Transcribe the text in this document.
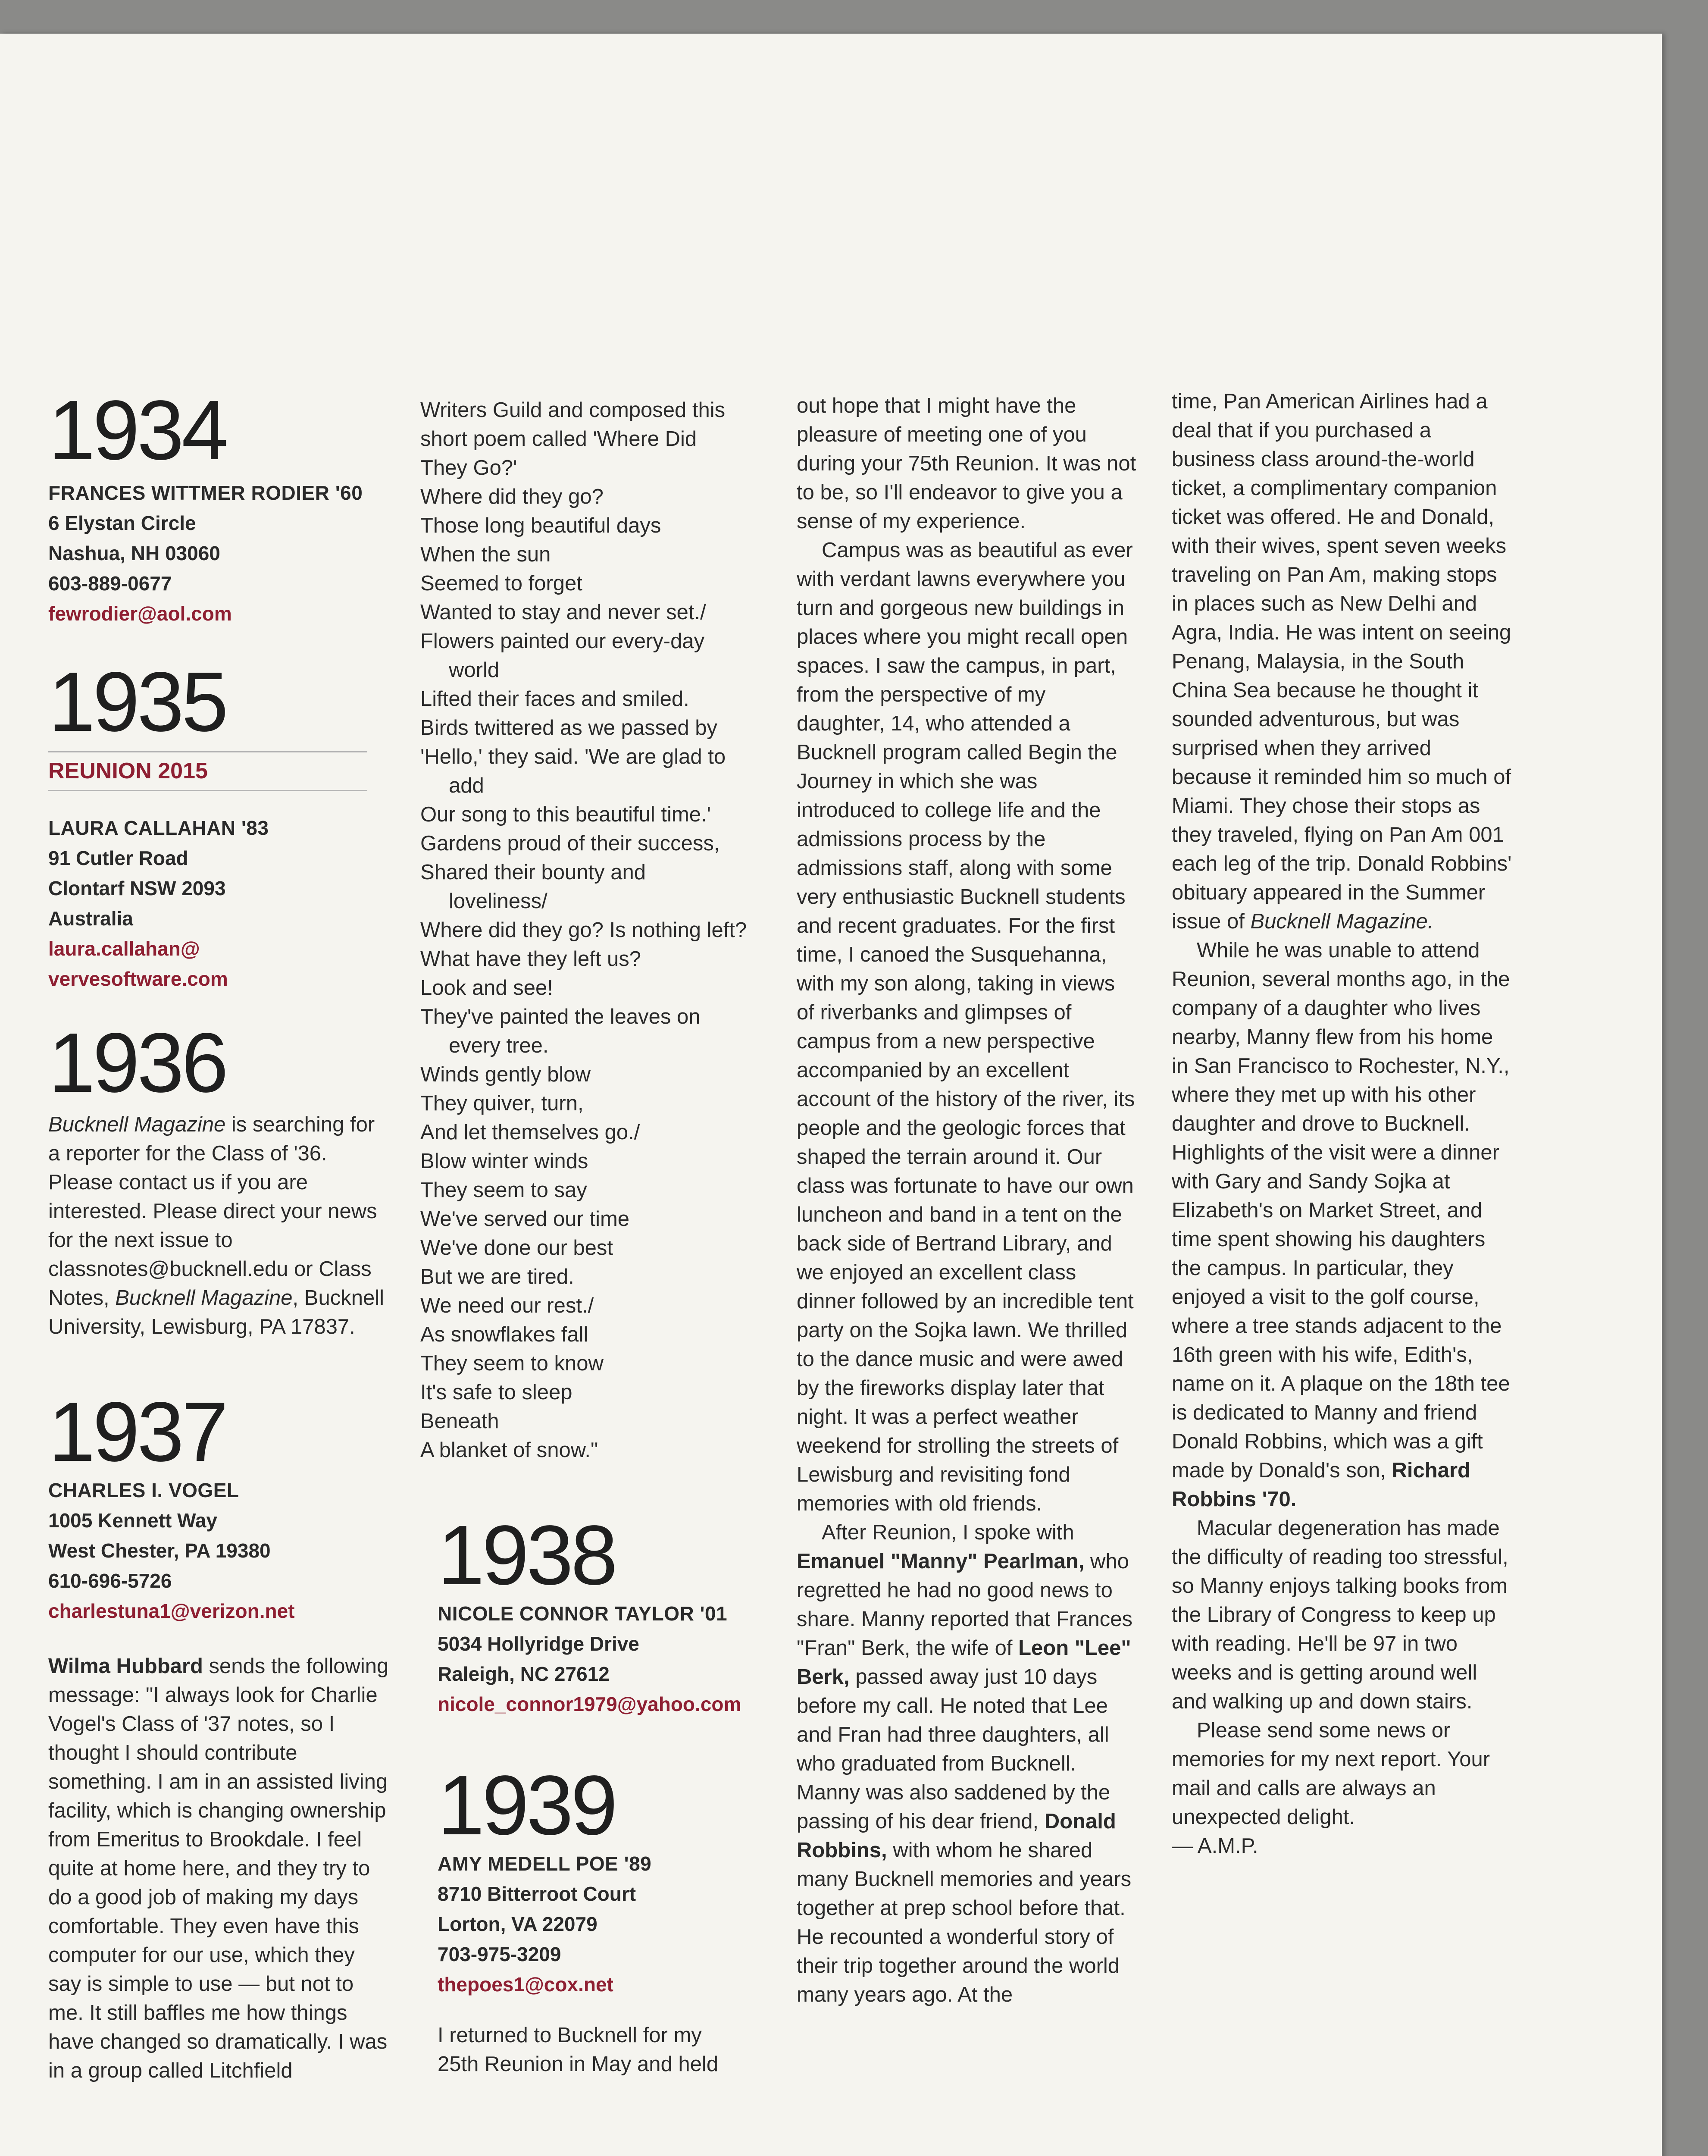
1934

FRANCES WITTMER RODIER '60
6 Elystan Circle
Nashua, NH 03060
603-889-0677
fewrodier@aol.com

1935

REUNION 2015
LAURA CALLAHAN '83
91 Cutler Road
Clontarf NSW 2093
Australia
laura.callahan@
vervesoftware.com

1936

Bucknell Magazine is searching for a reporter for the Class of '36. Please contact us if you are interested. Please direct your news for the next issue to classnotes@bucknell.edu or Class Notes, Bucknell Magazine, Bucknell University, Lewisburg, PA 17837.

1937

CHARLES I. VOGEL
1005 Kennett Way
West Chester, PA 19380
610-696-5726
charlestuna1@verizon.net

Wilma Hubbard sends the following message: "I always look for Charlie Vogel's Class of '37 notes, so I thought I should contribute something. I am in an assisted living facility, which is changing ownership from Emeritus to Brookdale. I feel quite at home here, and they try to do a good job of making my days comfortable. They even have this computer for our use, which they say is simple to use — but not to me. It still baffles me how things have changed so dramatically. I was in a group called Litchfield

Writers Guild and composed this short poem called 'Where Did They Go?'

Where did they go?

Those long beautiful days

When the sun

Seemed to forget

Wanted to stay and never set./

Flowers painted our every-day world

Lifted their faces and smiled.

Birds twittered as we passed by

'Hello,' they said. 'We are glad to add

Our song to this beautiful time.'

Gardens proud of their success,

Shared their bounty and loveliness/

Where did they go? Is nothing left?

What have they left us?

Look and see!

They've painted the leaves on every tree.

Winds gently blow

They quiver, turn,

And let themselves go./

Blow winter winds

They seem to say

We've served our time

We've done our best

But we are tired.

We need our rest./

As snowflakes fall

They seem to know

It's safe to sleep

Beneath

A blanket of snow."

1938

NICOLE CONNOR TAYLOR '01
5034 Hollyridge Drive
Raleigh, NC 27612
nicole_connor1979@yahoo.com

1939

AMY MEDELL POE '89
8710 Bitterroot Court
Lorton, VA 22079
703-975-3209
thepoes1@cox.net

I returned to Bucknell for my 25th Reunion in May and held

out hope that I might have the pleasure of meeting one of you during your 75th Reunion. It was not to be, so I'll endeavor to give you a sense of my experience.

Campus was as beautiful as ever with verdant lawns everywhere you turn and gorgeous new buildings in places where you might recall open spaces. I saw the campus, in part, from the perspective of my daughter, 14, who attended a Bucknell program called Begin the Journey in which she was introduced to college life and the admissions process by the admissions staff, along with some very enthusiastic Bucknell students and recent graduates. For the first time, I canoed the Susquehanna, with my son along, taking in views of riverbanks and glimpses of campus from a new perspective accompanied by an excellent account of the history of the river, its people and the geologic forces that shaped the terrain around it. Our class was fortunate to have our own luncheon and band in a tent on the back side of Bertrand Library, and we enjoyed an excellent class dinner followed by an incredible tent party on the Sojka lawn. We thrilled to the dance music and were awed by the fireworks display later that night. It was a perfect weather weekend for strolling the streets of Lewisburg and revisiting fond memories with old friends.

After Reunion, I spoke with Emanuel "Manny" Pearlman, who regretted he had no good news to share. Manny reported that Frances "Fran" Berk, the wife of Leon "Lee" Berk, passed away just 10 days before my call. He noted that Lee and Fran had three daughters, all who graduated from Bucknell. Manny was also saddened by the passing of his dear friend, Donald Robbins, with whom he shared many Bucknell memories and years together at prep school before that. He recounted a wonderful story of their trip together around the world many years ago. At the

time, Pan American Airlines had a deal that if you purchased a business class around-the-world ticket, a complimentary companion ticket was offered. He and Donald, with their wives, spent seven weeks traveling on Pan Am, making stops in places such as New Delhi and Agra, India. He was intent on seeing Penang, Malaysia, in the South China Sea because he thought it sounded adventurous, but was surprised when they arrived because it reminded him so much of Miami. They chose their stops as they traveled, flying on Pan Am 001 each leg of the trip. Donald Robbins' obituary appeared in the Summer issue of Bucknell Magazine.

While he was unable to attend Reunion, several months ago, in the company of a daughter who lives nearby, Manny flew from his home in San Francisco to Rochester, N.Y., where they met up with his other daughter and drove to Bucknell. Highlights of the visit were a dinner with Gary and Sandy Sojka at Elizabeth's on Market Street, and time spent showing his daughters the campus. In particular, they enjoyed a visit to the golf course, where a tree stands adjacent to the 16th green with his wife, Edith's, name on it. A plaque on the 18th tee is dedicated to Manny and friend Donald Robbins, which was a gift made by Donald's son, Richard Robbins '70.

Macular degeneration has made the difficulty of reading too stressful, so Manny enjoys talking books from the Library of Congress to keep up with reading. He'll be 97 in two weeks and is getting around well and walking up and down stairs.

Please send some news or memories for my next report. Your mail and calls are always an unexpected delight.

— A.M.P.
